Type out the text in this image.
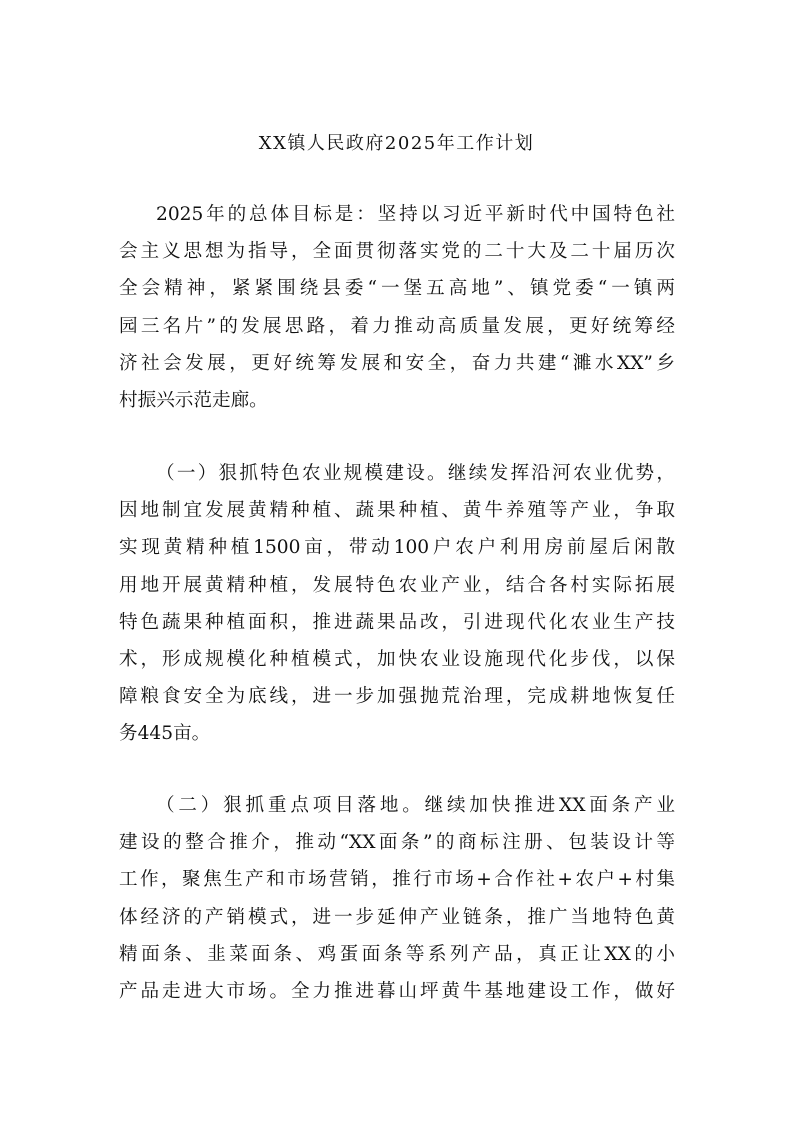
XX镇人民政府2025年工作计划
2025年的总体目标是：坚持以习近平新时代中国特色社
会主义思想为指导，全面贯彻落实党的二十大及二十届历次
全会精神，紧紧围绕县委“一堡五高地”、镇党委“一镇两
园三名片”的发展思路，着力推动高质量发展，更好统筹经
济社会发展，更好统筹发展和安全，奋力共建“濉水XX”乡
村振兴示范走廊。
（一）狠抓特色农业规模建设。继续发挥沿河农业优势，
因地制宜发展黄精种植、蔬果种植、黄牛养殖等产业，争取
实现黄精种植1500亩，带动100户农户利用房前屋后闲散
用地开展黄精种植，发展特色农业产业，结合各村实际拓展
特色蔬果种植面积，推进蔬果品改，引进现代化农业生产技
术，形成规模化种植模式，加快农业设施现代化步伐，以保
障粮食安全为底线，进一步加强抛荒治理，完成耕地恢复任
务445亩。
（二）狠抓重点项目落地。继续加快推进XX面条产业
建设的整合推介，推动“XX面条”的商标注册、包装设计等
工作，聚焦生产和市场营销，推行市场+合作社+农户+村集
体经济的产销模式，进一步延伸产业链条，推广当地特色黄
精面条、韭菜面条、鸡蛋面条等系列产品，真正让XX的小
产品走进大市场。全力推进暮山坪黄牛基地建设工作，做好
